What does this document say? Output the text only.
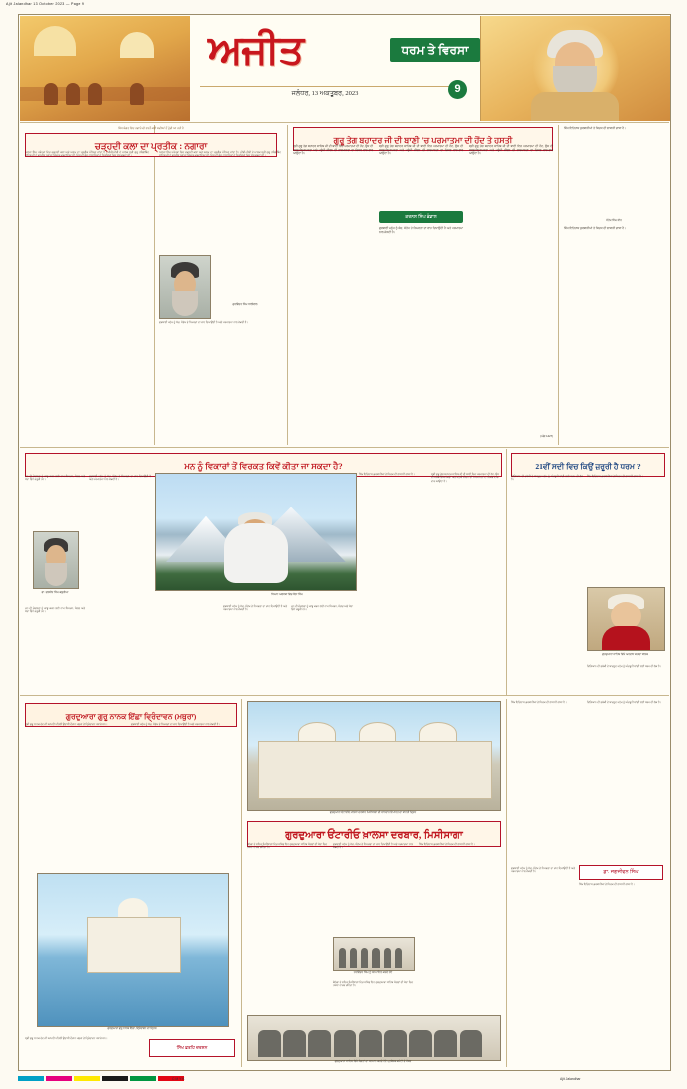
Ajit Jalandhar 13 October 2023 — Page 9
ਅਜੀਤ	ਧਰਮ ਤੇ ਵਿਰਸਾ
ਜਲੰਧਰ, 13 ਅਕਤੂਬਰ, 2023	9
ਸਿੱਖ ਸੰਗਤ ਵਿਚ ਨਗਾਰੇ ਦੀ ਵਰਤੋਂ ਕਈ ਸਦੀਆਂ ਤੋਂ ਹੁੰਦੀ ਆ ਰਹੀ ਹੈ
ਚੜ੍ਹਦੀ ਕਲਾ ਦਾ ਪ੍ਰਤੀਕ : ਨਗਾਰਾ
ਨਗਾਰਾ ਸਿੱਖ ਪਰੰਪਰਾ ਵਿਚ ਚੜ੍ਹਦੀ ਕਲਾ ਅਤੇ ਅਣਖ ਦਾ ਪ੍ਰਤੀਕ ਮੰਨਿਆ ਜਾਂਦਾ ਹੈ। ਮੀਰੀ-ਪੀਰੀ ਦੇ ਮਾਲਕ ਸ੍ਰੀ ਗੁਰੂ ਹਰਿਗੋਬਿੰਦ ਸਾਹਿਬ ਜੀ ਨੇ ਰਣਜੀਤ ਨਗਾਰਾ ਤਿਆਰ ਕਰਵਾਇਆ ਸੀ, ਜਿਸ ਦੀ ਗੂੰਜ ਨਾਲ ਸਿੰਘਾਂ ਦੇ ਹਿਰਦਿਆਂ ਵਿਚ ਜੋਸ਼ ਭਰਦਾ ਸੀ।
ਗੁਰਵਿੰਦਰ ਸਿੰਘ ਧਾਲੀਵਾਲ
ਨਗਾਰਾ ਸਿੱਖ ਪਰੰਪਰਾ ਵਿਚ ਚੜ੍ਹਦੀ ਕਲਾ ਅਤੇ ਅਣਖ ਦਾ ਪ੍ਰਤੀਕ ਮੰਨਿਆ ਜਾਂਦਾ ਹੈ। ਮੀਰੀ-ਪੀਰੀ ਦੇ ਮਾਲਕ ਸ੍ਰੀ ਗੁਰੂ ਹਰਿਗੋਬਿੰਦ ਸਾਹਿਬ ਜੀ ਨੇ ਰਣਜੀਤ ਨਗਾਰਾ ਤਿਆਰ ਕਰਵਾਇਆ ਸੀ, ਜਿਸ ਦੀ ਗੂੰਜ ਨਾਲ ਸਿੰਘਾਂ ਦੇ ਹਿਰਦਿਆਂ ਵਿਚ ਜੋਸ਼ ਭਰਦਾ ਸੀ।
ਗੁਰਬਾਣੀ ਮਨੁੱਖ ਨੂੰ ਸੱਚ, ਸੰਤੋਖ ਤੇ ਨਿਮਰਤਾ ਦਾ ਰਾਹ ਦਿਖਾਉਂਦੀ ਹੈ ਅਤੇ ਪਰਮਾਤਮਾ ਨਾਲ ਜੋੜਦੀ ਹੈ।
ਗੁਰੂ ਤੇਗ ਬਹਾਦਰ ਜੀ ਦੀ ਬਾਣੀ 'ਚ ਪਰਮਾਤਮਾ ਦੀ ਹੋਂਦ ਤੇ ਹਸਤੀ
ਸ੍ਰੀ ਗੁਰੂ ਤੇਗ ਬਹਾਦਰ ਸਾਹਿਬ ਜੀ ਦੀ ਬਾਣੀ ਵਿਚ ਪਰਮਾਤਮਾ ਦੀ ਹੋਂਦ, ਉਸ ਦੀ ਸਰਬ-ਵਿਆਪਕਤਾ ਅਤੇ ਮਨੁੱਖੀ ਜੀਵਨ ਦੀ ਨਾਸ਼ਮਾਨਤਾ ਦਾ ਜ਼ਿਕਰ ਵਾਰ-ਵਾਰ ਆਉਂਦਾ ਹੈ।
ਕਰਨਲ ਸਿੰਘ ਭੰਡਾਲ
ਸ੍ਰੀ ਗੁਰੂ ਤੇਗ ਬਹਾਦਰ ਸਾਹਿਬ ਜੀ ਦੀ ਬਾਣੀ ਵਿਚ ਪਰਮਾਤਮਾ ਦੀ ਹੋਂਦ, ਉਸ ਦੀ ਸਰਬ-ਵਿਆਪਕਤਾ ਅਤੇ ਮਨੁੱਖੀ ਜੀਵਨ ਦੀ ਨਾਸ਼ਮਾਨਤਾ ਦਾ ਜ਼ਿਕਰ ਵਾਰ-ਵਾਰ ਆਉਂਦਾ ਹੈ।
ਗੁਰਬਾਣੀ ਮਨੁੱਖ ਨੂੰ ਸੱਚ, ਸੰਤੋਖ ਤੇ ਨਿਮਰਤਾ ਦਾ ਰਾਹ ਦਿਖਾਉਂਦੀ ਹੈ ਅਤੇ ਪਰਮਾਤਮਾ ਨਾਲ ਜੋੜਦੀ ਹੈ।
ਸ੍ਰੀ ਗੁਰੂ ਤੇਗ ਬਹਾਦਰ ਸਾਹਿਬ ਜੀ ਦੀ ਬਾਣੀ ਵਿਚ ਪਰਮਾਤਮਾ ਦੀ ਹੋਂਦ, ਉਸ ਦੀ ਸਰਬ-ਵਿਆਪਕਤਾ ਅਤੇ ਮਨੁੱਖੀ ਜੀਵਨ ਦੀ ਨਾਸ਼ਮਾਨਤਾ ਦਾ ਜ਼ਿਕਰ ਵਾਰ-ਵਾਰ ਆਉਂਦਾ ਹੈ।
(ਅੰਗ 1427)
ਸਿੱਖ ਇਤਿਹਾਸ ਕੁਰਬਾਨੀਆਂ ਤੇ ਸਿਦਕ ਦੀ ਲਾਸਾਨੀ ਗਾਥਾ ਹੈ।
ਸੰਤੋਖ ਸਿੰਘ ਧੀਰ
ਸਿੱਖ ਇਤਿਹਾਸ ਕੁਰਬਾਨੀਆਂ ਤੇ ਸਿਦਕ ਦੀ ਲਾਸਾਨੀ ਗਾਥਾ ਹੈ।
ਮਨ ਨੂੰ ਵਿਕਾਰਾਂ ਤੋਂ ਵਿਰਕਤ ਕਿਵੇਂ ਕੀਤਾ ਜਾ ਸਕਦਾ ਹੈ?
ਡਾ. ਦਲਬੀਰ ਸਿੰਘ ਕਥੂਰੀਆ
ਮਨ ਦੀ ਚੰਚਲਤਾ ਨੂੰ ਕਾਬੂ ਕਰਨ ਲਈ ਨਾਮ ਸਿਮਰਨ, ਸੰਗਤ ਅਤੇ ਸੇਵਾ ਤਿੰਨੇ ਜ਼ਰੂਰੀ ਹਨ।
ਮਨ ਦੀ ਚੰਚਲਤਾ ਨੂੰ ਕਾਬੂ ਕਰਨ ਲਈ ਨਾਮ ਸਿਮਰਨ, ਸੰਗਤ ਅਤੇ ਸੇਵਾ ਤਿੰਨੇ ਜ਼ਰੂਰੀ ਹਨ।
ਗੁਰਬਾਣੀ ਮਨੁੱਖ ਨੂੰ ਸੱਚ, ਸੰਤੋਖ ਤੇ ਨਿਮਰਤਾ ਦਾ ਰਾਹ ਦਿਖਾਉਂਦੀ ਹੈ ਅਤੇ ਪਰਮਾਤਮਾ ਨਾਲ ਜੋੜਦੀ ਹੈ।
ਧਿਆਨ ਅਵਸਥਾ ਵਿਚ ਬੈਠਾ ਸਿੰਘ
ਗੁਰਬਾਣੀ ਮਨੁੱਖ ਨੂੰ ਸੱਚ, ਸੰਤੋਖ ਤੇ ਨਿਮਰਤਾ ਦਾ ਰਾਹ ਦਿਖਾਉਂਦੀ ਹੈ ਅਤੇ ਪਰਮਾਤਮਾ ਨਾਲ ਜੋੜਦੀ ਹੈ।
ਮਨ ਦੀ ਚੰਚਲਤਾ ਨੂੰ ਕਾਬੂ ਕਰਨ ਲਈ ਨਾਮ ਸਿਮਰਨ, ਸੰਗਤ ਅਤੇ ਸੇਵਾ ਤਿੰਨੇ ਜ਼ਰੂਰੀ ਹਨ।
ਸਿੱਖ ਇਤਿਹਾਸ ਕੁਰਬਾਨੀਆਂ ਤੇ ਸਿਦਕ ਦੀ ਲਾਸਾਨੀ ਗਾਥਾ ਹੈ।	ਸ੍ਰੀ ਗੁਰੂ ਤੇਗ ਬਹਾਦਰ ਸਾਹਿਬ ਜੀ ਦੀ ਬਾਣੀ ਵਿਚ ਪਰਮਾਤਮਾ ਦੀ ਹੋਂਦ, ਉਸ ਦੀ ਸਰਬ-ਵਿਆਪਕਤਾ ਅਤੇ ਮਨੁੱਖੀ ਜੀਵਨ ਦੀ ਨਾਸ਼ਮਾਨਤਾ ਦਾ ਜ਼ਿਕਰ ਵਾਰ-ਵਾਰ ਆਉਂਦਾ ਹੈ।
21ਵੀਂ ਸਦੀ ਵਿਚ ਕਿਉਂ ਜ਼ਰੂਰੀ ਹੈ ਧਰਮ ?
ਵਿਗਿਆਨ ਦੀ ਤਰੱਕੀ ਦੇ ਬਾਵਜੂਦ ਮਨੁੱਖ ਨੂੰ ਅੰਦਰੂਨੀ ਸ਼ਾਂਤੀ ਲਈ ਧਰਮ ਦੀ ਲੋੜ ਹੈ।
ਸਿੱਖ ਇਤਿਹਾਸ ਕੁਰਬਾਨੀਆਂ ਤੇ ਸਿਦਕ ਦੀ ਲਾਸਾਨੀ ਗਾਥਾ ਹੈ।
ਗੁਰਦੁਆਰਾ ਸਾਹਿਬ ਵਿਖੇ ਅਰਦਾਸ ਕਰਦਾ ਬਾਲਕ
ਵਿਗਿਆਨ ਦੀ ਤਰੱਕੀ ਦੇ ਬਾਵਜੂਦ ਮਨੁੱਖ ਨੂੰ ਅੰਦਰੂਨੀ ਸ਼ਾਂਤੀ ਲਈ ਧਰਮ ਦੀ ਲੋੜ ਹੈ।
ਗੁਰਦੁਆਰਾ ਗੁਰੂ ਨਾਨਕ ਇੱਛਾ ਵ੍ਰਿੰਦਾਵਨ (ਮਥੁਰਾ)
ਸ੍ਰੀ ਗੁਰੂ ਨਾਨਕ ਦੇਵ ਜੀ ਆਪਣੀ ਪਹਿਲੀ ਉਦਾਸੀ ਦੌਰਾਨ ਮਥੁਰਾ ਤੇ ਵ੍ਰਿੰਦਾਵਨ ਪਧਾਰੇ ਸਨ।	ਗੁਰਬਾਣੀ ਮਨੁੱਖ ਨੂੰ ਸੱਚ, ਸੰਤੋਖ ਤੇ ਨਿਮਰਤਾ ਦਾ ਰਾਹ ਦਿਖਾਉਂਦੀ ਹੈ ਅਤੇ ਪਰਮਾਤਮਾ ਨਾਲ ਜੋੜਦੀ ਹੈ।
ਗੁਰਦੁਆਰਾ ਗੁਰੂ ਨਾਨਕ ਇੱਛਾ, ਵ੍ਰਿੰਦਾਵਨ ਦਾ ਦ੍ਰਿਸ਼
ਸ੍ਰੀ ਗੁਰੂ ਨਾਨਕ ਦੇਵ ਜੀ ਆਪਣੀ ਪਹਿਲੀ ਉਦਾਸੀ ਦੌਰਾਨ ਮਥੁਰਾ ਤੇ ਵ੍ਰਿੰਦਾਵਨ ਪਧਾਰੇ ਸਨ।
ਸਿੱਖ ਫ਼ਤਹਿ ਦਰਸ਼ਨ
ਗੁਰਦੁਆਰਾ ਓਂਟਾਰੀਓ ਖ਼ਾਲਸਾ ਦਰਬਾਰ ਮਿਸੀਸਾਗਾ ਦੀ ਸ਼ਾਨਦਾਰ ਇਮਾਰਤ ਦਾ ਬਾਹਰੀ ਦ੍ਰਿਸ਼
ਗੁਰਦੁਆਰਾ ਓਂਟਾਰੀਓ ਖ਼ਾਲਸਾ ਦਰਬਾਰ, ਮਿਸੀਸਾਗਾ
ਕੈਨੇਡਾ ਦੇ ਸ਼ਹਿਰ ਮਿਸੀਸਾਗਾ ਵਿਚ ਸਥਿਤ ਇਹ ਗੁਰਦੁਆਰਾ ਸਾਹਿਬ ਸੰਗਤਾਂ ਦੀ ਸੇਵਾ ਵਿਚ ਹਮੇਸ਼ਾ ਹਾਜ਼ਰ ਰਹਿੰਦਾ ਹੈ।
ਗੁਰਬਾਣੀ ਮਨੁੱਖ ਨੂੰ ਸੱਚ, ਸੰਤੋਖ ਤੇ ਨਿਮਰਤਾ ਦਾ ਰਾਹ ਦਿਖਾਉਂਦੀ ਹੈ ਅਤੇ ਪਰਮਾਤਮਾ ਨਾਲ ਜੋੜਦੀ ਹੈ।
ਹਰਵਿੰਦਰ ਸਿੰਘ ਨੂੰ ਸਨਮਾਨਿਤ ਕਰਦੇ ਹੋਏ
ਕੈਨੇਡਾ ਦੇ ਸ਼ਹਿਰ ਮਿਸੀਸਾਗਾ ਵਿਚ ਸਥਿਤ ਇਹ ਗੁਰਦੁਆਰਾ ਸਾਹਿਬ ਸੰਗਤਾਂ ਦੀ ਸੇਵਾ ਵਿਚ ਹਮੇਸ਼ਾ ਹਾਜ਼ਰ ਰਹਿੰਦਾ ਹੈ।
ਸਿੱਖ ਇਤਿਹਾਸ ਕੁਰਬਾਨੀਆਂ ਤੇ ਸਿਦਕ ਦੀ ਲਾਸਾਨੀ ਗਾਥਾ ਹੈ।
ਗੁਰਦੁਆਰਾ ਸਾਹਿਬ ਵਿਖੇ ਸੰਗਤਾਂ ਦਾ ਸਨਮਾਨ ਕਰਦੇ ਹੋਏ ਪ੍ਰਬੰਧਕ ਕਮੇਟੀ ਦੇ ਮੈਂਬਰ
ਸਿੱਖ ਇਤਿਹਾਸ ਕੁਰਬਾਨੀਆਂ ਤੇ ਸਿਦਕ ਦੀ ਲਾਸਾਨੀ ਗਾਥਾ ਹੈ।	ਵਿਗਿਆਨ ਦੀ ਤਰੱਕੀ ਦੇ ਬਾਵਜੂਦ ਮਨੁੱਖ ਨੂੰ ਅੰਦਰੂਨੀ ਸ਼ਾਂਤੀ ਲਈ ਧਰਮ ਦੀ ਲੋੜ ਹੈ।
ਡਾ. ਜਗਜੀਵਨ ਸਿੰਘ
ਗੁਰਬਾਣੀ ਮਨੁੱਖ ਨੂੰ ਸੱਚ, ਸੰਤੋਖ ਤੇ ਨਿਮਰਤਾ ਦਾ ਰਾਹ ਦਿਖਾਉਂਦੀ ਹੈ ਅਤੇ ਪਰਮਾਤਮਾ ਨਾਲ ਜੋੜਦੀ ਹੈ।
ਸਿੱਖ ਇਤਿਹਾਸ ਕੁਰਬਾਨੀਆਂ ਤੇ ਸਿਦਕ ਦੀ ਲਾਸਾਨੀ ਗਾਥਾ ਹੈ।
C M Y K	Ajit Jalandhar
